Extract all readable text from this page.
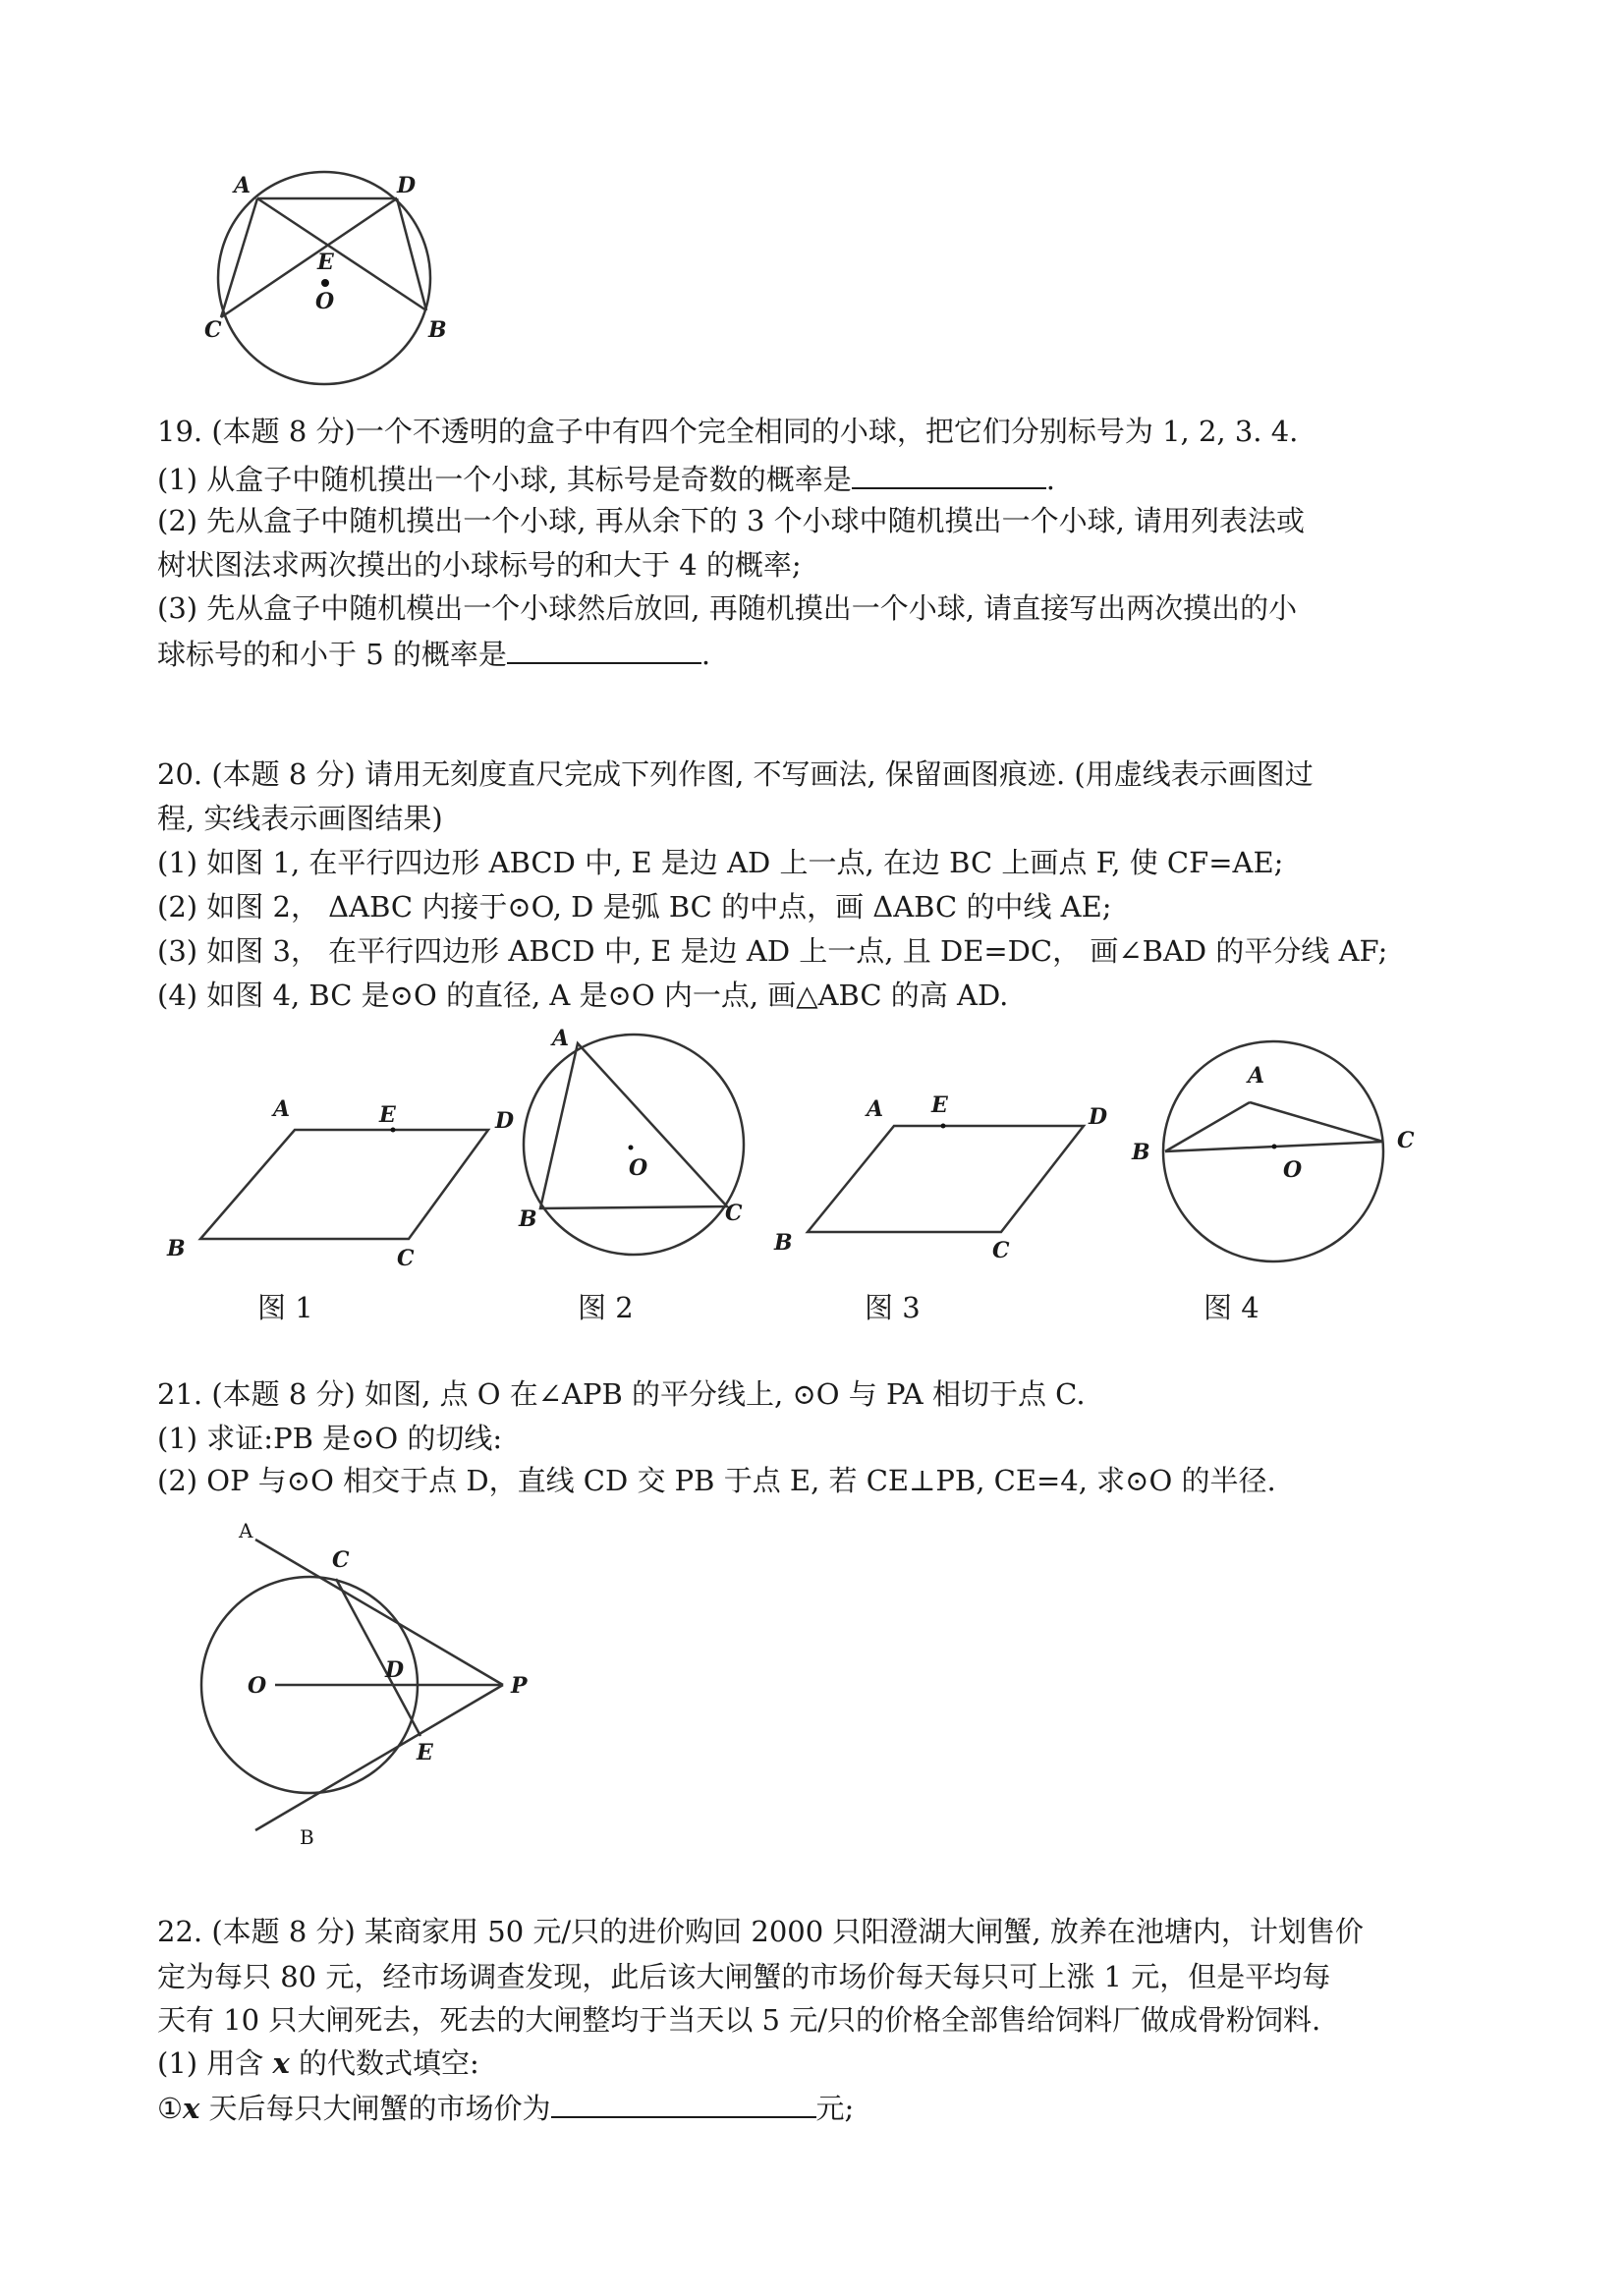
A	D
E
O
C	B
19. (本题 8 分)一个不透明的盒子中有四个完全相同的小球，把它们分别标号为 1, 2, 3. 4.
(1) 从盒子中随机摸出一个小球, 其标号是奇数的概率是	.
(2) 先从盒子中随机摸出一个小球, 再从余下的 3 个小球中随机摸出一个小球, 请用列表法或
树状图法求两次摸出的小球标号的和大于 4 的概率;
(3) 先从盒子中随机模出一个小球然后放回, 再随机摸出一个小球, 请直接写出两次摸出的小
球标号的和小于 5 的概率是	.
20. (本题 8 分) 请用无刻度直尺完成下列作图, 不写画法, 保留画图痕迹. (用虚线表示画图过
程, 实线表示画图结果)
(1) 如图 1, 在平行四边形 ABCD 中, E 是边 AD 上一点, 在边 BC 上画点 F, 使 CF=AE;
(2) 如图 2， ΔABC 内接于⊙O, D 是弧 BC 的中点，画 ΔABC 的中线 AE;
(3) 如图 3， 在平行四边形 ABCD 中, E 是边 AD 上一点, 且 DE=DC， 画∠BAD 的平分线 AF;
(4) 如图 4, BC 是⊙O 的直径, A 是⊙O 内一点, 画△ABC 的高 AD.
A	E	D
B	C
A
O
B	C
A E	D
B	C
A
B
O
C
图 1	图 2	图 3	图 4
21. (本题 8 分) 如图, 点 O 在∠APB 的平分线上, ⊙O 与 PA 相切于点 C.
(1) 求证:PB 是⊙O 的切线:
(2) OP 与⊙O 相交于点 D，直线 CD 交 PB 于点 E, 若 CE⊥PB, CE=4, 求⊙O 的半径.
A
C
O
D
P
E
B
22. (本题 8 分) 某商家用 50 元/只的进价购回 2000 只阳澄湖大闸蟹, 放养在池塘内，计划售价
定为每只 80 元，经市场调查发现，此后该大闸蟹的市场价每天每只可上涨 1 元，但是平均每
天有 10 只大闸死去，死去的大闸整均于当天以 5 元/只的价格全部售给饲料厂做成骨粉饲料.
(1) 用含 x 的代数式填空:
①x 天后每只大闸蟹的市场价为	元;
